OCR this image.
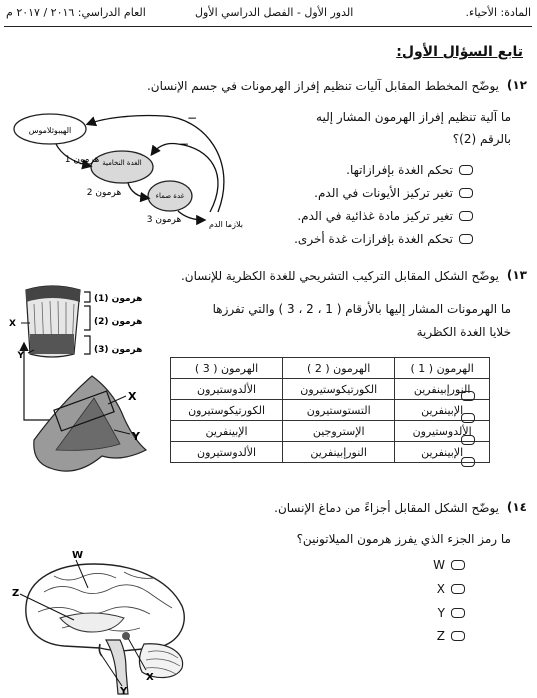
المادة: الأحياء.
الدور الأول - الفصل الدراسي الأول
العام الدراسي: ٢٠١٦ / ٢٠١٧ م
تابع السؤال الأول:
١٢)
يوضّح المخطط المقابل آليات تنظيم إفراز الهرمونات في جسم الإنسان.
ما آلية تنظيم إفراز الهرمون المشار إليه
بالرقم (2)؟
تحكم الغدة بإفرازاتها.
تغير تركيز الأيونات في الدم.
تغير تركيز مادة غذائية في الدم.
تحكم الغدة بإفرازات غدة أخرى.
الهيبوثلاموس
الغدة النخامية
غدة صماء
هرمون 1
هرمون 2
هرمون 3	بلازما الدم
−
−
١٣)
يوضّح الشكل المقابل التركيب التشريحي للغدة الكظرية للإنسان.
ما الهرمونات المشار إليها بالأرقام ( 1 ، 2 ، 3 ) والتي تفرزها
خلايا الغدة الكظرية
الهرمون ( 1 )	الهرمون ( 2 )	الهرمون ( 3 )
النورإبينفرين	الكورتيكوستيرون	الألدوستيرون
الإبينفرين	التستوستيرون	الكورتيكوستيرون
الألدوستيرون	الإستروجين	الإبينفرين
الإبينفرين	النورإبينفرين	الألدوستيرون
هرمون (1)
هرمون (2)
هرمون (3)
X
Y
X
Y
١٤)
يوضّح الشكل المقابل أجزاءً من دماغ الإنسان.
ما رمز الجزء الذي يفرز هرمون الميلاتونين؟
W
X
Y
Z
W
Z
X
Y
